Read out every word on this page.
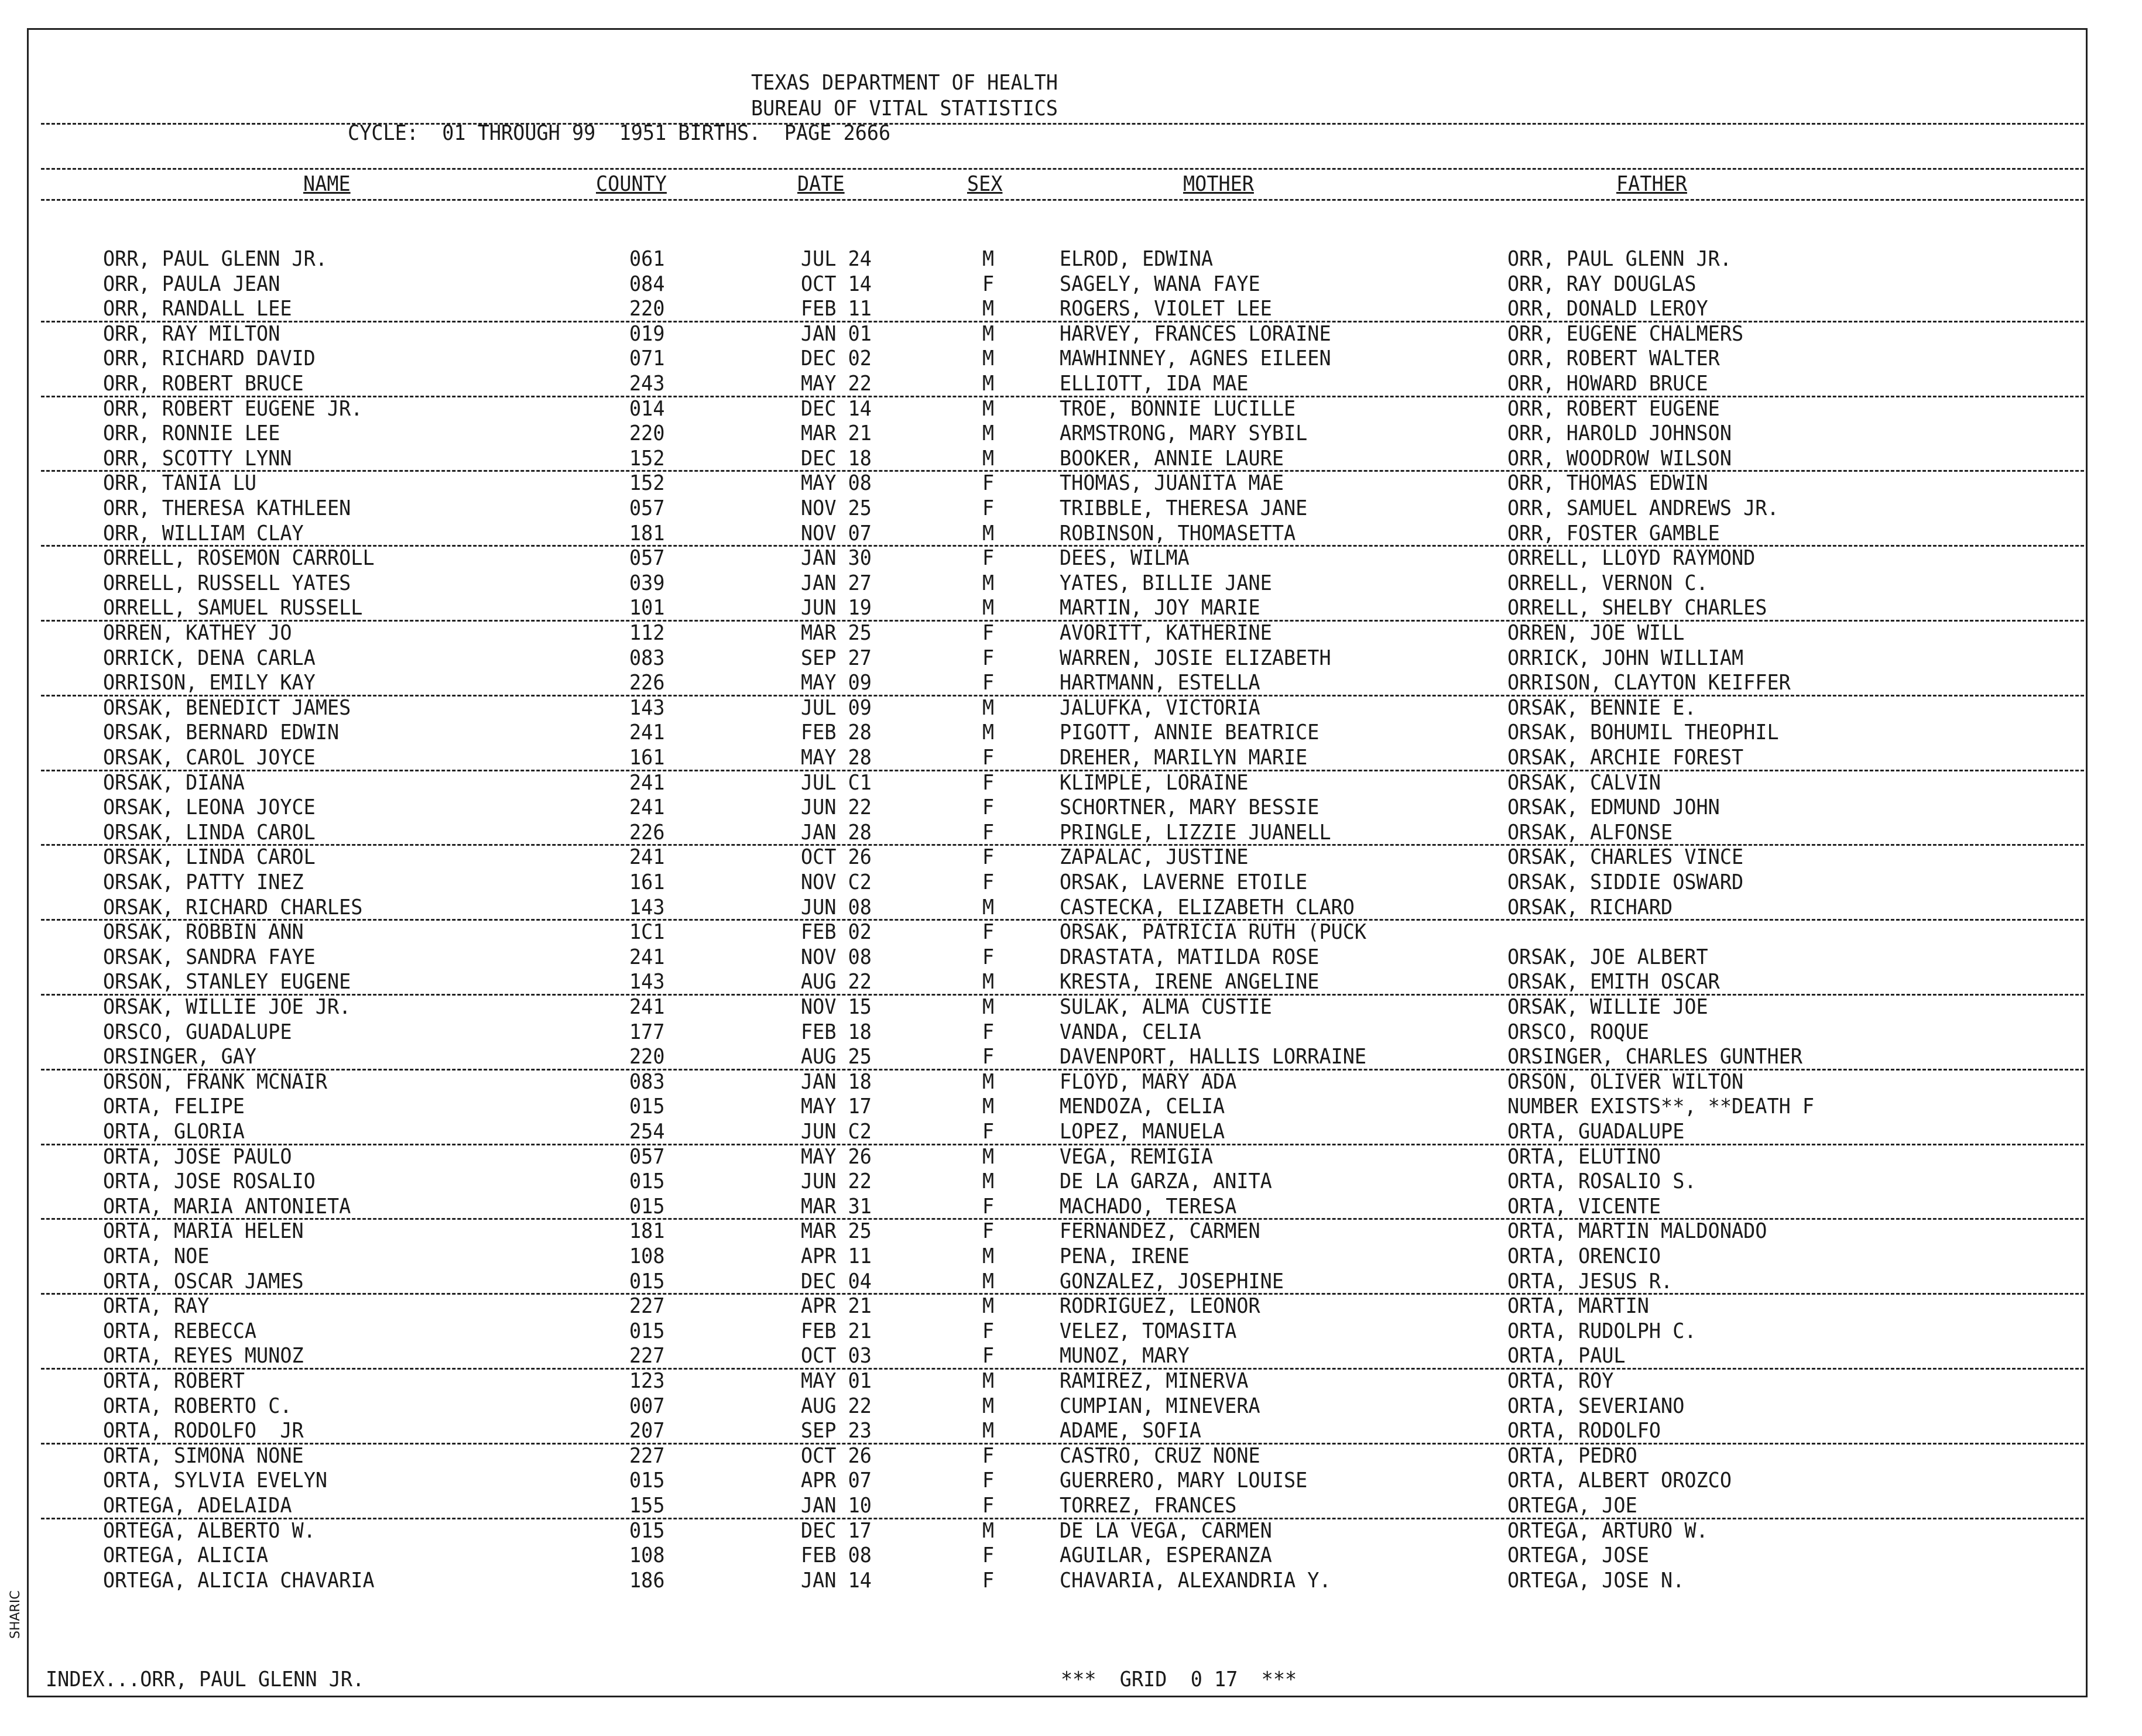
TEXAS DEPARTMENT OF HEALTH
BUREAU OF VITAL STATISTICS
CYCLE:  01 THROUGH 99  1951 BIRTHS.  PAGE 2666
NAME	COUNTY	DATE	SEX	MOTHER	FATHER
ORR, PAUL GLENN JR.	061	JUL 24	M	ELROD, EDWINA	ORR, PAUL GLENN JR.
ORR, PAULA JEAN	084	OCT 14	F	SAGELY, WANA FAYE	ORR, RAY DOUGLAS
ORR, RANDALL LEE	220	FEB 11	M	ROGERS, VIOLET LEE	ORR, DONALD LEROY
ORR, RAY MILTON	019	JAN 01	M	HARVEY, FRANCES LORAINE	ORR, EUGENE CHALMERS
ORR, RICHARD DAVID	071	DEC 02	M	MAWHINNEY, AGNES EILEEN	ORR, ROBERT WALTER
ORR, ROBERT BRUCE	243	MAY 22	M	ELLIOTT, IDA MAE	ORR, HOWARD BRUCE
ORR, ROBERT EUGENE JR.	014	DEC 14	M	TROE, BONNIE LUCILLE	ORR, ROBERT EUGENE
ORR, RONNIE LEE	220	MAR 21	M	ARMSTRONG, MARY SYBIL	ORR, HAROLD JOHNSON
ORR, SCOTTY LYNN	152	DEC 18	M	BOOKER, ANNIE LAURE	ORR, WOODROW WILSON
ORR, TANIA LU	152	MAY 08	F	THOMAS, JUANITA MAE	ORR, THOMAS EDWIN
ORR, THERESA KATHLEEN	057	NOV 25	F	TRIBBLE, THERESA JANE	ORR, SAMUEL ANDREWS JR.
ORR, WILLIAM CLAY	181	NOV 07	M	ROBINSON, THOMASETTA	ORR, FOSTER GAMBLE
ORRELL, ROSEMON CARROLL	057	JAN 30	F	DEES, WILMA	ORRELL, LLOYD RAYMOND
ORRELL, RUSSELL YATES	039	JAN 27	M	YATES, BILLIE JANE	ORRELL, VERNON C.
ORRELL, SAMUEL RUSSELL	101	JUN 19	M	MARTIN, JOY MARIE	ORRELL, SHELBY CHARLES
ORREN, KATHEY JO	112	MAR 25	F	AVORITT, KATHERINE	ORREN, JOE WILL
ORRICK, DENA CARLA	083	SEP 27	F	WARREN, JOSIE ELIZABETH	ORRICK, JOHN WILLIAM
ORRISON, EMILY KAY	226	MAY 09	F	HARTMANN, ESTELLA	ORRISON, CLAYTON KEIFFER
ORSAK, BENEDICT JAMES	143	JUL 09	M	JALUFKA, VICTORIA	ORSAK, BENNIE E.
ORSAK, BERNARD EDWIN	241	FEB 28	M	PIGOTT, ANNIE BEATRICE	ORSAK, BOHUMIL THEOPHIL
ORSAK, CAROL JOYCE	161	MAY 28	F	DREHER, MARILYN MARIE	ORSAK, ARCHIE FOREST
ORSAK, DIANA	241	JUL C1	F	KLIMPLE, LORAINE	ORSAK, CALVIN
ORSAK, LEONA JOYCE	241	JUN 22	F	SCHORTNER, MARY BESSIE	ORSAK, EDMUND JOHN
ORSAK, LINDA CAROL	226	JAN 28	F	PRINGLE, LIZZIE JUANELL	ORSAK, ALFONSE
ORSAK, LINDA CAROL	241	OCT 26	F	ZAPALAC, JUSTINE	ORSAK, CHARLES VINCE
ORSAK, PATTY INEZ	161	NOV C2	F	ORSAK, LAVERNE ETOILE	ORSAK, SIDDIE OSWARD
ORSAK, RICHARD CHARLES	143	JUN 08	M	CASTECKA, ELIZABETH CLARO	ORSAK, RICHARD
ORSAK, ROBBIN ANN	1C1	FEB 02	F	ORSAK, PATRICIA RUTH (PUCK
ORSAK, SANDRA FAYE	241	NOV 08	F	DRASTATA, MATILDA ROSE	ORSAK, JOE ALBERT
ORSAK, STANLEY EUGENE	143	AUG 22	M	KRESTA, IRENE ANGELINE	ORSAK, EMITH OSCAR
ORSAK, WILLIE JOE JR.	241	NOV 15	M	SULAK, ALMA CUSTIE	ORSAK, WILLIE JOE
ORSCO, GUADALUPE	177	FEB 18	F	VANDA, CELIA	ORSCO, ROQUE
ORSINGER, GAY	220	AUG 25	F	DAVENPORT, HALLIS LORRAINE	ORSINGER, CHARLES GUNTHER
ORSON, FRANK MCNAIR	083	JAN 18	M	FLOYD, MARY ADA	ORSON, OLIVER WILTON
ORTA, FELIPE	015	MAY 17	M	MENDOZA, CELIA	NUMBER EXISTS**, **DEATH F
ORTA, GLORIA	254	JUN C2	F	LOPEZ, MANUELA	ORTA, GUADALUPE
ORTA, JOSE PAULO	057	MAY 26	M	VEGA, REMIGIA	ORTA, ELUTINO
ORTA, JOSE ROSALIO	015	JUN 22	M	DE LA GARZA, ANITA	ORTA, ROSALIO S.
ORTA, MARIA ANTONIETA	015	MAR 31	F	MACHADO, TERESA	ORTA, VICENTE
ORTA, MARIA HELEN	181	MAR 25	F	FERNANDEZ, CARMEN	ORTA, MARTIN MALDONADO
ORTA, NOE	108	APR 11	M	PENA, IRENE	ORTA, ORENCIO
ORTA, OSCAR JAMES	015	DEC 04	M	GONZALEZ, JOSEPHINE	ORTA, JESUS R.
ORTA, RAY	227	APR 21	M	RODRIGUEZ, LEONOR	ORTA, MARTIN
ORTA, REBECCA	015	FEB 21	F	VELEZ, TOMASITA	ORTA, RUDOLPH C.
ORTA, REYES MUNOZ	227	OCT 03	F	MUNOZ, MARY	ORTA, PAUL
ORTA, ROBERT	123	MAY 01	M	RAMIREZ, MINERVA	ORTA, ROY
ORTA, ROBERTO C.	007	AUG 22	M	CUMPIAN, MINEVERA	ORTA, SEVERIANO
ORTA, RODOLFO  JR	207	SEP 23	M	ADAME, SOFIA	ORTA, RODOLFO
ORTA, SIMONA NONE	227	OCT 26	F	CASTRO, CRUZ NONE	ORTA, PEDRO
ORTA, SYLVIA EVELYN	015	APR 07	F	GUERRERO, MARY LOUISE	ORTA, ALBERT OROZCO
ORTEGA, ADELAIDA	155	JAN 10	F	TORREZ, FRANCES	ORTEGA, JOE
ORTEGA, ALBERTO W.	015	DEC 17	M	DE LA VEGA, CARMEN	ORTEGA, ARTURO W.
ORTEGA, ALICIA	108	FEB 08	F	AGUILAR, ESPERANZA	ORTEGA, JOSE
ORTEGA, ALICIA CHAVARIA	186	JAN 14	F	CHAVARIA, ALEXANDRIA Y.	ORTEGA, JOSE N.
INDEX...ORR, PAUL GLENN JR.	***  GRID  0 17  ***
SHARIC
